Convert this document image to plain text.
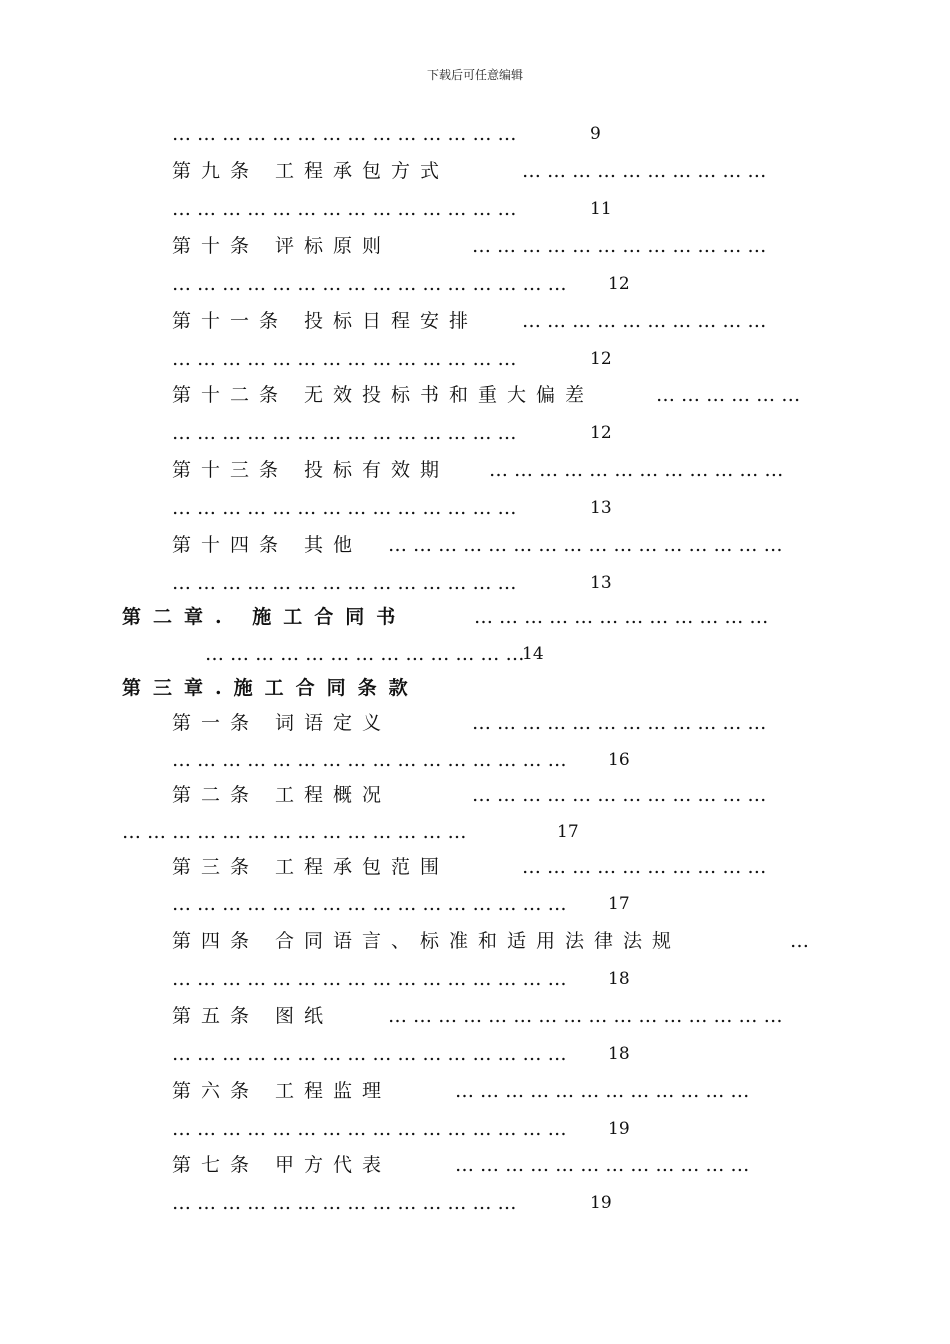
下载后可任意编辑
… … … … … … … … … … … … … …	9
第九条 工程承包方式	… … … … … … … … … …
… … … … … … … … … … … … … …	11
第十条 评标原则	… … … … … … … … … … … …
… … … … … … … … … … … … … … … … 12
第十一条 投标日程安排 … … … … … … … … … …
… … … … … … … … … … … … … …	12
第十二条 无效投标书和重大偏差	… … … … … …
… … … … … … … … … … … … … …	12
第十三条 投标有效期 … … … … … … … … … … … …
… … … … … … … … … … … … … …	13
第十四条 其他 … … … … … … … … … … … … … … … …
… … … … … … … … … … … … … …	13
第二章. 施工合同书	… … … … … … … … … … … …
… … … … … … … … … … … … …
14
第三章.施工合同条款
第一条 词语定义	… … … … … … … … … … … …
… … … … … … … … … … … … … … … … 16
第二条 工程概况	… … … … … … … … … … … …
… … … … … … … … … … … … … …	17
第三条 工程承包范围	… … … … … … … … … …
… … … … … … … … … … … … … … … … 17
第四条 合同语言、标准和适用法律法规	…
… … … … … … … … … … … … … … … … 18
第五条 图纸	… … … … … … … … … … … … … … … …
… … … … … … … … … … … … … … … … 18
第六条 工程监理	… … … … … … … … … … … …
… … … … … … … … … … … … … … … … 19
第七条 甲方代表	… … … … … … … … … … … …
… … … … … … … … … … … … … …	19
